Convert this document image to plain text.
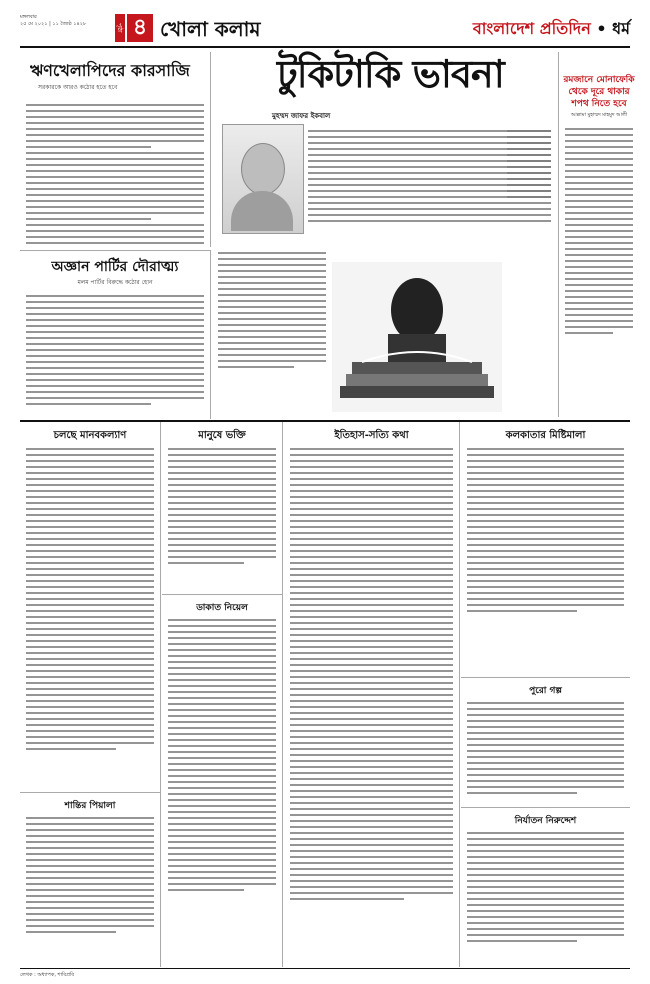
মঙ্গলবার
২৫ মে ২০২১ | ১১ জ্যৈষ্ঠ ১৪২৮	পৃষ্ঠা ৪ খোলা কলাম	বাংলাদেশ প্রতিদিন • ধর্ম
ঋণখেলাপিদের কারসাজি
সরকারকে আরও কঠোর হতে হবে
অজ্ঞান পার্টির দৌরাত্ম্য
মলম পার্টির বিরুদ্ধে কঠোর হোন
টুকিটাকি ভাবনা
মুহম্মদ জাফর ইকবাল
রমজানে মোনাফেকি থেকে দূরে থাকার শপথ নিতে হবে
আল্লামা মুহাম্মদ মাহমুদ আলী
চলছে মানবকল্যাণ
শান্তির পিয়ালা
মানুষে ভক্তি
ডাকাত নিয়েল
ইতিহাস-সত্যি কথা	কলকাতার মিষ্টিমালা
পুরো গল্প
নির্যাতন নিরুদ্দেশ
লেখক : অধ্যাপক, শাবিপ্রবি
